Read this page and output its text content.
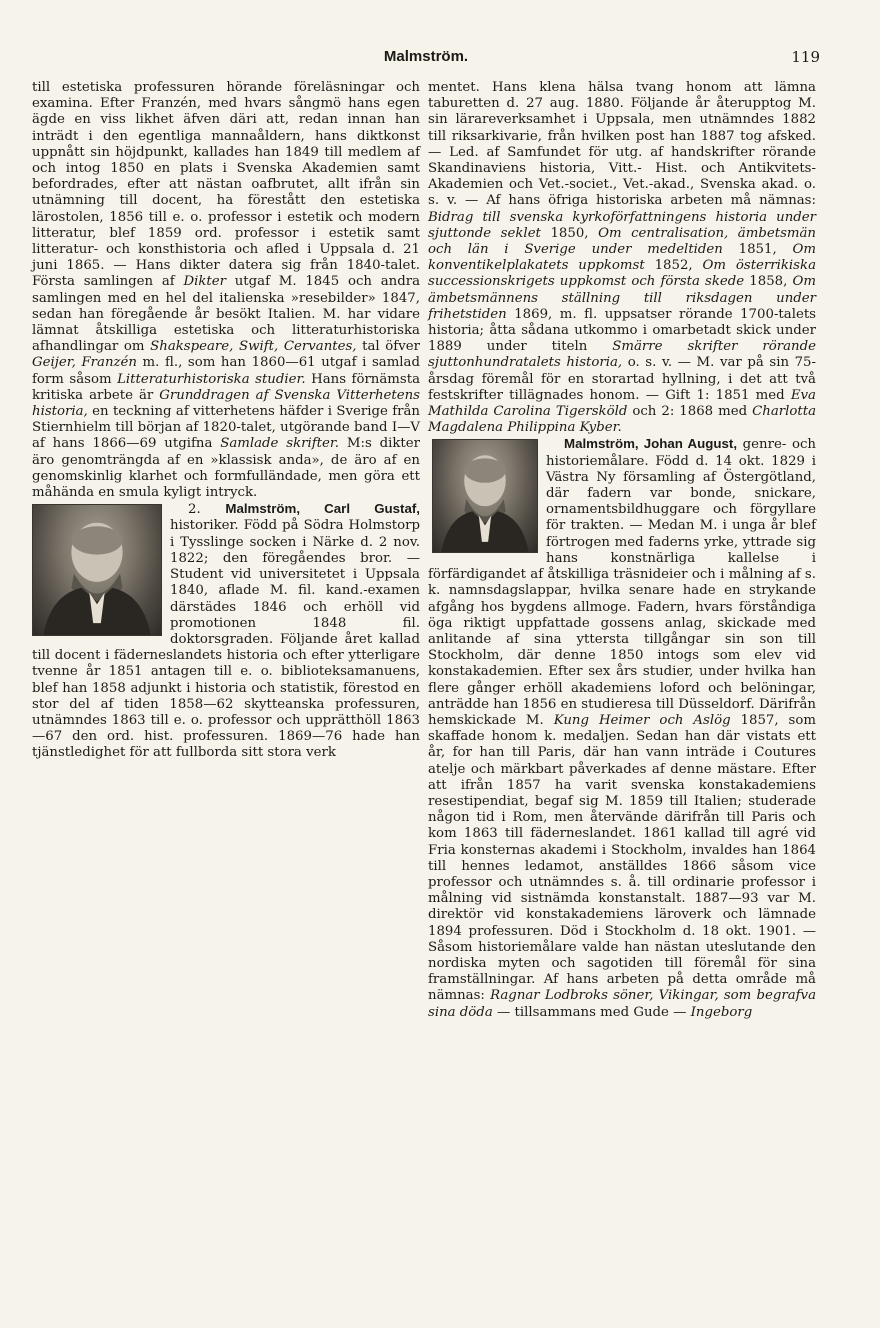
Malmström.	119

till estetiska professuren hörande föreläsningar och examina. Efter Franzén, med hvars sångmö hans egen ägde en viss likhet äfven däri att, redan innan han inträdt i den egentliga mannaåldern, hans diktkonst uppnått sin höjdpunkt, kallades han 1849 till medlem af och intog 1850 en plats i Svenska Akademien samt befordrades, efter att nästan oafbrutet, allt ifrån sin utnämning till docent, ha förestått den estetiska lärostolen, 1856 till e. o. professor i estetik och modern litteratur, blef 1859 ord. professor i estetik samt litteratur- och konsthistoria och afled i Uppsala d. 21 juni 1865. — Hans dikter datera sig från 1840-talet. Första samlingen af Dikter utgaf M. 1845 och andra samlingen med en hel del italienska »resebilder» 1847, sedan han föregående år besökt Italien. M. har vidare lämnat åtskilliga estetiska och litteraturhistoriska afhandlingar om Shakspeare, Swift, Cervantes, tal öfver Geijer, Franzén m. fl., som han 1860—61 utgaf i samlad form såsom Litteraturhistoriska studier. Hans förnämsta kritiska arbete är Grunddragen af Svenska Vitterhetens historia, en teckning af vitterhetens häfder i Sverige från Stiernhielm till början af 1820-talet, utgörande band I—V af hans 1866—69 utgifna Samlade skrifter. M:s dikter äro genomträngda af en »klassisk anda», de äro af en genomskinlig klarhet och formfulländade, men göra ett måhända en smula kyligt intryck.

2. Malmström, Carl Gustaf,
historiker. Född på Södra Holmstorp i Tysslinge socken i Närke d. 2 nov. 1822; den föregåendes bror. — Student vid universitetet i Uppsala 1840, aflade M. fil. kand.-examen därstädes 1846 och erhöll vid promotionen 1848 fil. doktorsgraden. Följande året kallad till docent i fäderneslandets historia och efter ytterligare tvenne år 1851 antagen till e. o. biblioteksamanuens, blef han 1858 adjunkt i historia och statistik, förestod en stor del af tiden 1858—62 skytteanska professuren, utnämndes 1863 till e. o. professor och upprätthöll 1863—67 den ord. hist. professuren. 1869—76 hade han tjänstledighet för att fullborda sitt stora verk

mentet. Hans klena hälsa tvang honom att lämna taburetten d. 27 aug. 1880. Följande år återupptog M. sin lärareverksamhet i Uppsala, men utnämndes 1882 till riksarkivarie, från hvilken post han 1887 tog afsked. — Led. af Samfundet för utg. af handskrifter rörande Skandinaviens historia, Vitt.- Hist. och Antikvitets-Akademien och Vet.-societ., Vet.-akad., Svenska akad. o. s. v. — Af hans öfriga historiska arbeten må nämnas: Bidrag till svenska kyrkoförfattningens historia under sjuttonde seklet 1850, Om centralisation, ämbetsmän och län i Sverige under medeltiden 1851, Om konventikelplakatets uppkomst 1852, Om österrikiska successionskrigets uppkomst och första skede 1858, Om ämbetsmännens ställning till riksdagen under frihetstiden 1869, m. fl. uppsatser rörande 1700-talets historia; åtta sådana utkommo i omarbetadt skick under 1889 under titeln Smärre skrifter rörande sjuttonhundratalets historia, o. s. v. — M. var på sin 75-årsdag föremål för en storartad hyllning, i det att två festskrifter tillägnades honom. — Gift 1: 1851 med Eva Mathilda Carolina Tigersköld och 2: 1868 med Charlotta Magdalena Philippina Kyber.

Malmström, Johan August,
genre- och historiemålare. Född d. 14 okt. 1829 i Västra Ny församling af Östergötland, där fadern var bonde, snickare, ornamentsbildhuggare och förgyllare för trakten. — Medan M. i unga år blef förtrogen med faderns yrke, yttrade sig hans konstnärliga kallelse i förfärdigandet af åtskilliga träsnideier och i målning af s. k. namnsdagslappar, hvilka senare hade en strykande afgång hos bygdens allmoge. Fadern, hvars förståndiga öga riktigt uppfattade gossens anlag, skickade med anlitande af sina yttersta tillgångar sin son till Stockholm, där denne 1850 intogs som elev vid konstakademien. Efter sex års studier, under hvilka han flere gånger erhöll akademiens loford och belöningar, anträdde han 1856 en studieresa till Düsseldorf. Därifrån hemskickade M. Kung Heimer och Aslög 1857, som skaffade honom k. medaljen. Sedan han där vistats ett år, for han till Paris, där han vann inträde i Coutures atelje och märkbart påverkades af denne mästare. Efter att ifrån 1857 ha varit svenska konstakademiens resestipendiat, begaf sig M. 1859 till Italien; studerade någon tid i Rom, men återvände därifrån till Paris och kom 1863 till fäderneslandet. 1861 kallad till agré vid Fria konsternas akademi i Stockholm, invaldes han 1864 till hennes ledamot, anställdes 1866 såsom vice professor och utnämndes s. å. till ordinarie professor i målning vid sistnämda konstanstalt. 1887—93 var M. direktör vid konstakademiens läroverk och lämnade 1894 professuren. Död i Stockholm d. 18 okt. 1901. — Såsom historiemålare valde han nästan uteslutande den nordiska myten och sagotiden till föremål för sina framställningar. Af hans arbeten på detta område må nämnas: Ragnar Lodbroks söner, Vikingar, som begrafva sina döda — tillsammans med Gude — Ingeborg
